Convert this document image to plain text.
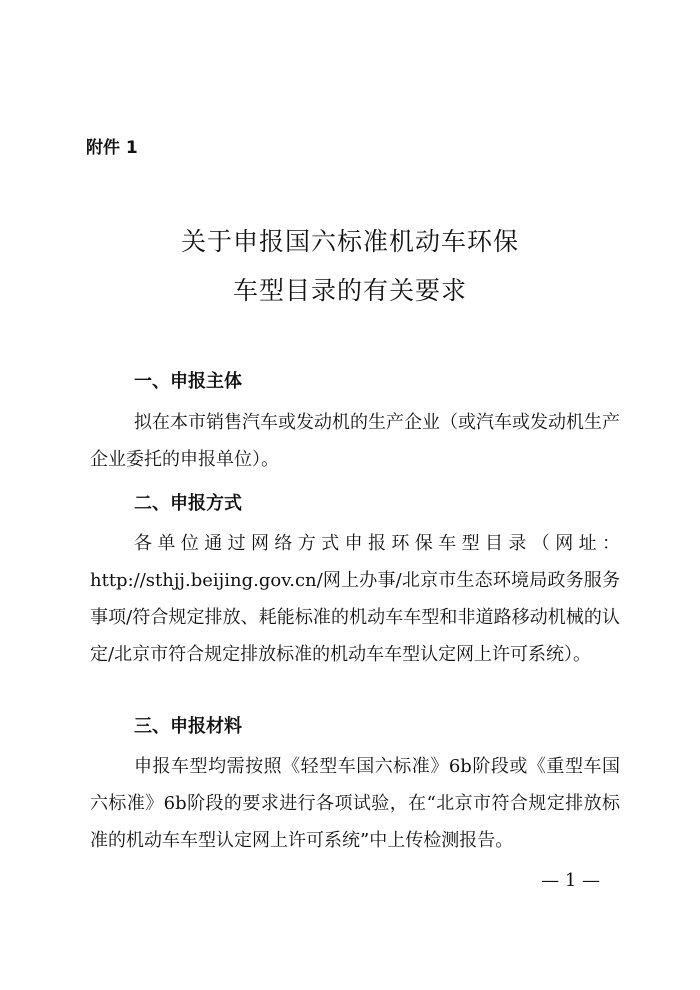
附件 1
关于申报国六标准机动车环保
车型目录的有关要求
一、申报主体
拟在本市销售汽车或发动机的生产企业（或汽车或发动机生产企业委托的申报单位）。
二、申报方式
各单位通过网络方式申报环保车型目录（网址：http://sthjj.beijing.gov.cn/网上办事/北京市生态环境局政务服务事项/符合规定排放、耗能标准的机动车车型和非道路移动机械的认定/北京市符合规定排放标准的机动车车型认定网上许可系统）。
三、申报材料
申报车型均需按照《轻型车国六标准》6b阶段或《重型车国六标准》6b阶段的要求进行各项试验，在“北京市符合规定排放标准的机动车车型认定网上许可系统”中上传检测报告。
— 1 —
